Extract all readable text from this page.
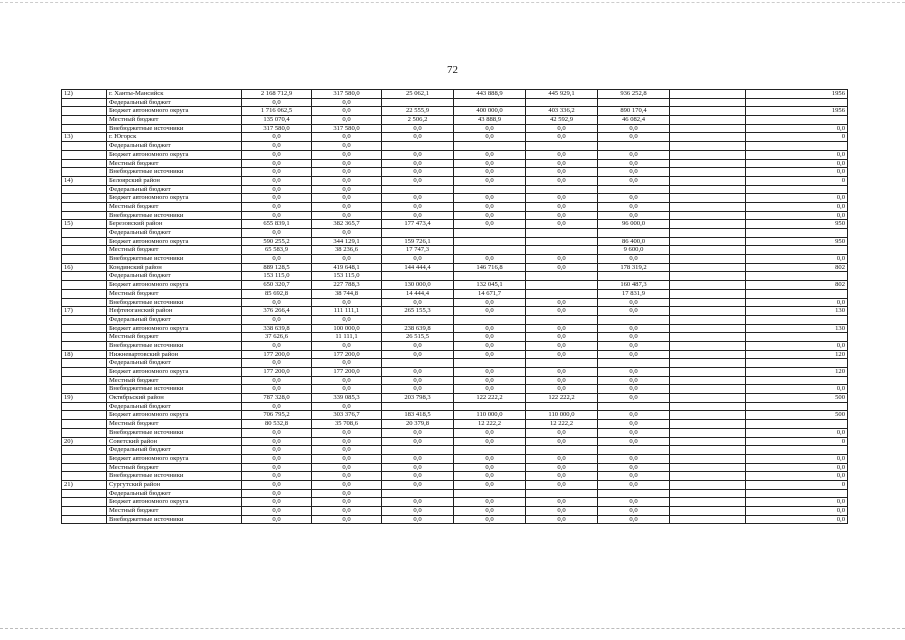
72
12)	г. Ханты-Мансийск	2 168 712,9	317 580,0	25 062,1	443 888,9	445 929,1	936 252,8		1956
	Федеральный бюджет	0,0	0,0						
	Бюджет автономного округа	1 716 062,5	0,0	22 555,9	400 000,0	403 336,2	890 170,4		1956
	Местный бюджет	135 070,4	0,0	2 506,2	43 888,9	42 592,9	46 082,4		
	Внебюджетные источники	317 580,0	317 580,0	0,0	0,0	0,0	0,0		0,0
13)	г. Югорск	0,0	0,0	0,0	0,0	0,0	0,0		0
	Федеральный бюджет	0,0	0,0						
	Бюджет автономного округа	0,0	0,0	0,0	0,0	0,0	0,0		0,0
	Местный бюджет	0,0	0,0	0,0	0,0	0,0	0,0		0,0
	Внебюджетные источники	0,0	0,0	0,0	0,0	0,0	0,0		0,0
14)	Белоярский район	0,0	0,0	0,0	0,0	0,0	0,0		0
	Федеральный бюджет	0,0	0,0						
	Бюджет автономного округа	0,0	0,0	0,0	0,0	0,0	0,0		0,0
	Местный бюджет	0,0	0,0	0,0	0,0	0,0	0,0		0,0
	Внебюджетные источники	0,0	0,0	0,0	0,0	0,0	0,0		0,0
15)	Березовский район	655 839,1	382 365,7	177 473,4	0,0	0,0	96 000,0		950
	Федеральный бюджет	0,0	0,0						
	Бюджет автономного округа	590 255,2	344 129,1	159 726,1			86 400,0		950
	Местный бюджет	65 583,9	38 236,6	17 747,3			9 600,0		
	Внебюджетные источники	0,0	0,0	0,0	0,0	0,0	0,0		0,0
16)	Кондинский район	889 128,5	419 648,1	144 444,4	146 716,8	0,0	178 319,2		802
	Федеральный бюджет	153 115,0	153 115,0						
	Бюджет автономного округа	650 320,7	227 788,3	130 000,0	132 045,1		160 487,3		802
	Местный бюджет	85 692,8	38 744,8	14 444,4	14 671,7		17 831,9		
	Внебюджетные источники	0,0	0,0	0,0	0,0	0,0	0,0		0,0
17)	Нефтеюганский район	376 266,4	111 111,1	265 155,3	0,0	0,0	0,0		130
	Федеральный бюджет	0,0	0,0						
	Бюджет автономного округа	338 639,8	100 000,0	238 639,8	0,0	0,0	0,0		130
	Местный бюджет	37 626,6	11 111,1	26 515,5	0,0	0,0	0,0		
	Внебюджетные источники	0,0	0,0	0,0	0,0	0,0	0,0		0,0
18)	Нижневартовский район	177 200,0	177 200,0	0,0	0,0	0,0	0,0		120
	Федеральный бюджет	0,0	0,0						
	Бюджет автономного округа	177 200,0	177 200,0	0,0	0,0	0,0	0,0		120
	Местный бюджет	0,0	0,0	0,0	0,0	0,0	0,0		
	Внебюджетные источники	0,0	0,0	0,0	0,0	0,0	0,0		0,0
19)	Октябрьский район	787 328,0	339 085,3	203 798,3	122 222,2	122 222,2	0,0		500
	Федеральный бюджет	0,0	0,0						
	Бюджет автономного округа	706 795,2	303 376,7	183 418,5	110 000,0	110 000,0	0,0		500
	Местный бюджет	80 532,8	35 708,6	20 379,8	12 222,2	12 222,2	0,0		
	Внебюджетные источники	0,0	0,0	0,0	0,0	0,0	0,0		0,0
20)	Советский район	0,0	0,0	0,0	0,0	0,0	0,0		0
	Федеральный бюджет	0,0	0,0						
	Бюджет автономного округа	0,0	0,0	0,0	0,0	0,0	0,0		0,0
	Местный бюджет	0,0	0,0	0,0	0,0	0,0	0,0		0,0
	Внебюджетные источники	0,0	0,0	0,0	0,0	0,0	0,0		0,0
21)	Сургутский район	0,0	0,0	0,0	0,0	0,0	0,0		0
	Федеральный бюджет	0,0	0,0						
	Бюджет автономного округа	0,0	0,0	0,0	0,0	0,0	0,0		0,0
	Местный бюджет	0,0	0,0	0,0	0,0	0,0	0,0		0,0
	Внебюджетные источники	0,0	0,0	0,0	0,0	0,0	0,0		0,0
